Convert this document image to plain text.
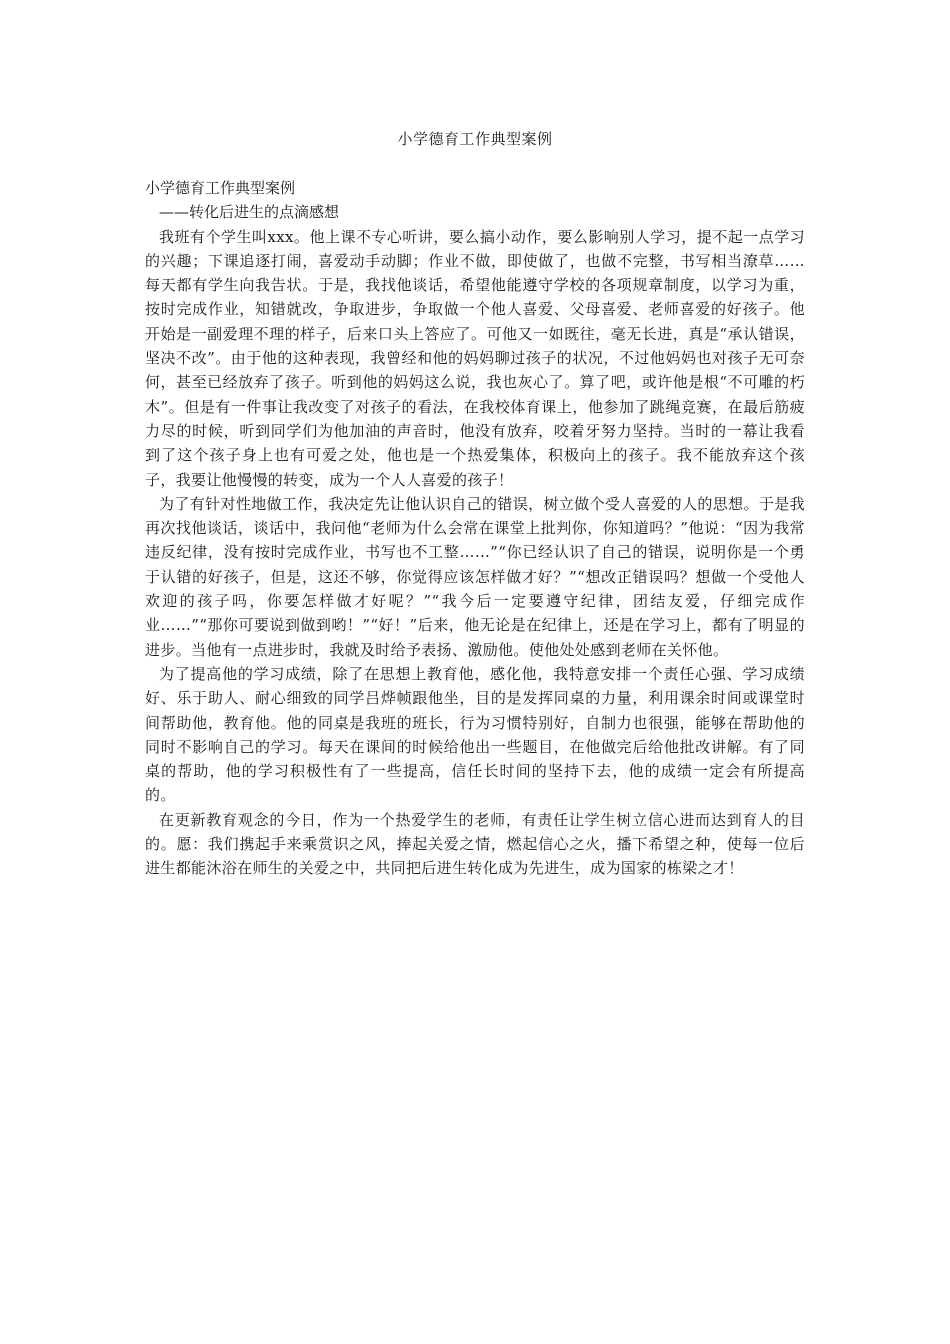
小学德育工作典型案例

小学德育工作典型案例

——转化后进生的点滴感想

我班有个学生叫xxx。他上课不专心听讲，要么搞小动作，要么影响别人学习，提不起一点学习的兴趣；下课追逐打闹，喜爱动手动脚；作业不做，即使做了，也做不完整，书写相当潦草……每天都有学生向我告状。于是，我找他谈话，希望他能遵守学校的各项规章制度，以学习为重，按时完成作业，知错就改，争取进步，争取做一个他人喜爱、父母喜爱、老师喜爱的好孩子。他开始是一副爱理不理的样子，后来口头上答应了。可他又一如既往，毫无长进，真是“承认错误，坚决不改”。由于他的这种表现，我曾经和他的妈妈聊过孩子的状况，不过他妈妈也对孩子无可奈何，甚至已经放弃了孩子。听到他的妈妈这么说，我也灰心了。算了吧，或许他是根“不可雕的朽木”。但是有一件事让我改变了对孩子的看法，在我校体育课上，他参加了跳绳竞赛，在最后筋疲力尽的时候，听到同学们为他加油的声音时，他没有放弃，咬着牙努力坚持。当时的一幕让我看到了这个孩子身上也有可爱之处，他也是一个热爱集体，积极向上的孩子。我不能放弃这个孩子，我要让他慢慢的转变，成为一个人人喜爱的孩子！

为了有针对性地做工作，我决定先让他认识自己的错误，树立做个受人喜爱的人的思想。于是我再次找他谈话，谈话中，我问他“老师为什么会常在课堂上批判你，你知道吗？”他说：“因为我常违反纪律，没有按时完成作业，书写也不工整……”“你已经认识了自己的错误，说明你是一个勇于认错的好孩子，但是，这还不够，你觉得应该怎样做才好？”“想改正错误吗？想做一个受他人欢迎的孩子吗，你要怎样做才好呢？”“我今后一定要遵守纪律，团结友爱，仔细完成作业……”“那你可要说到做到哟！”“好！”后来，他无论是在纪律上，还是在学习上，都有了明显的进步。当他有一点进步时，我就及时给予表扬、激励他。使他处处感到老师在关怀他。

为了提高他的学习成绩，除了在思想上教育他，感化他，我特意安排一个责任心强、学习成绩好、乐于助人、耐心细致的同学吕烨帧跟他坐，目的是发挥同桌的力量，利用课余时间或课堂时间帮助他，教育他。他的同桌是我班的班长，行为习惯特别好，自制力也很强，能够在帮助他的同时不影响自己的学习。每天在课间的时候给他出一些题目，在他做完后给他批改讲解。有了同桌的帮助，他的学习积极性有了一些提高，信任长时间的坚持下去，他的成绩一定会有所提高的。

在更新教育观念的今日，作为一个热爱学生的老师，有责任让学生树立信心进而达到育人的目的。愿：我们携起手来乘赏识之风，捧起关爱之情，燃起信心之火，播下希望之种，使每一位后进生都能沐浴在师生的关爱之中，共同把后进生转化成为先进生，成为国家的栋梁之才！
